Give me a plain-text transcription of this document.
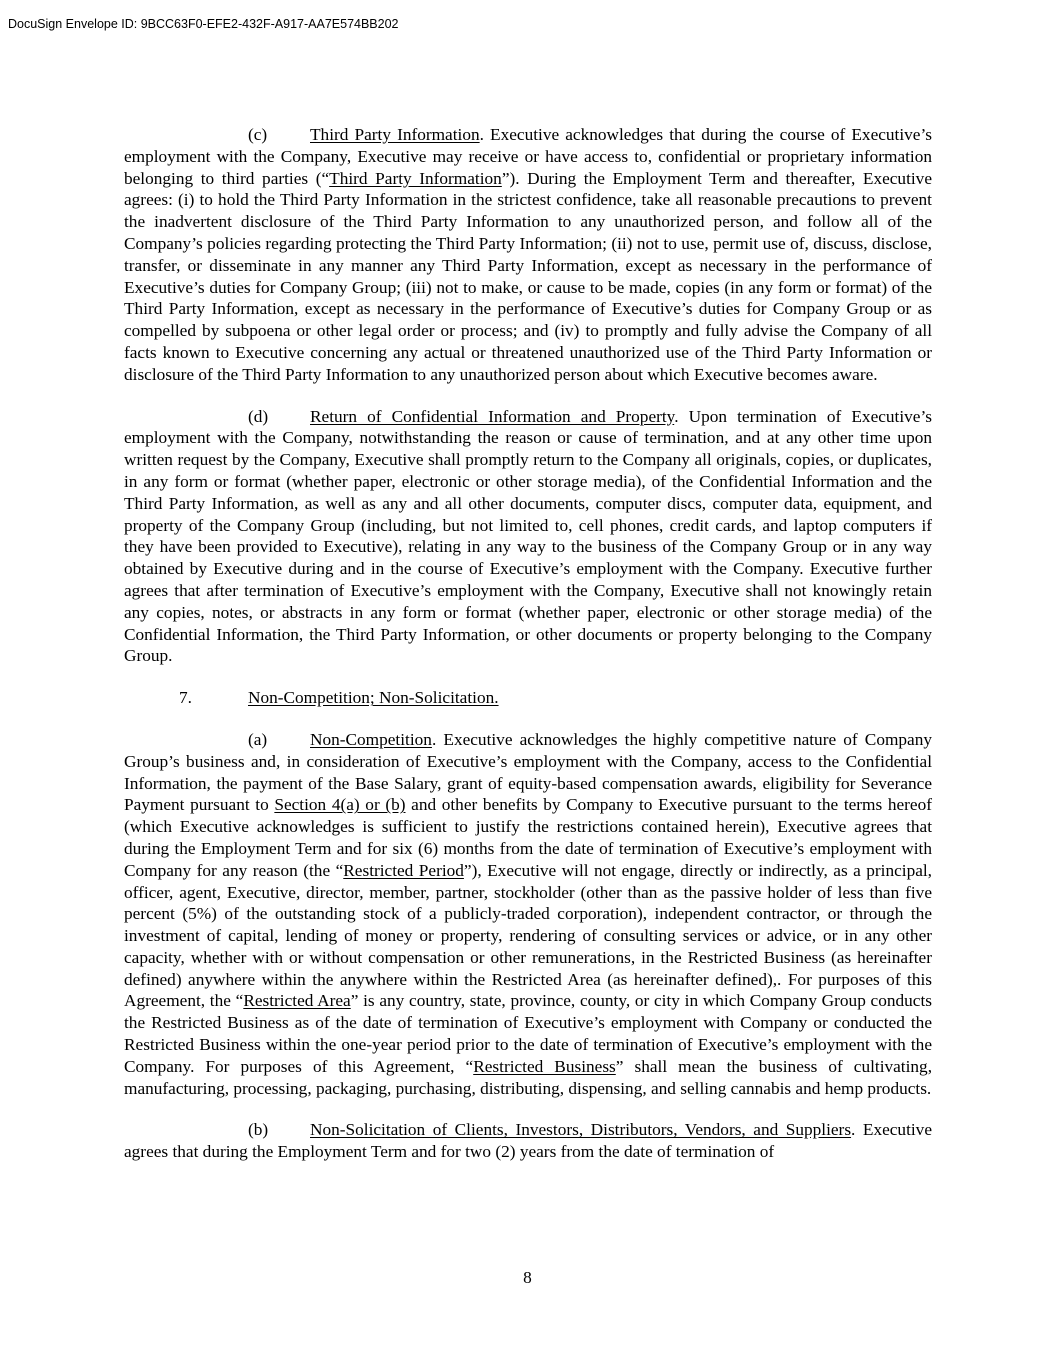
DocuSign Envelope ID: 9BCC63F0-EFE2-432F-A917-AA7E574BB202

(c) Third Party Information. Executive acknowledges that during the course of Executive’s employment with the Company, Executive may receive or have access to, confidential or proprietary information belonging to third parties (“Third Party Information”). During the Employment Term and thereafter, Executive agrees: (i) to hold the Third Party Information in the strictest confidence, take all reasonable precautions to prevent the inadvertent disclosure of the Third Party Information to any unauthorized person, and follow all of the Company’s policies regarding protecting the Third Party Information; (ii) not to use, permit use of, discuss, disclose, transfer, or disseminate in any manner any Third Party Information, except as necessary in the performance of Executive’s duties for Company Group; (iii) not to make, or cause to be made, copies (in any form or format) of the Third Party Information, except as necessary in the performance of Executive’s duties for Company Group or as compelled by subpoena or other legal order or process; and (iv) to promptly and fully advise the Company of all facts known to Executive concerning any actual or threatened unauthorized use of the Third Party Information or disclosure of the Third Party Information to any unauthorized person about which Executive becomes aware.

(d) Return of Confidential Information and Property. Upon termination of Executive’s employment with the Company, notwithstanding the reason or cause of termination, and at any other time upon written request by the Company, Executive shall promptly return to the Company all originals, copies, or duplicates, in any form or format (whether paper, electronic or other storage media), of the Confidential Information and the Third Party Information, as well as any and all other documents, computer discs, computer data, equipment, and property of the Company Group (including, but not limited to, cell phones, credit cards, and laptop computers if they have been provided to Executive), relating in any way to the business of the Company Group or in any way obtained by Executive during and in the course of Executive’s employment with the Company. Executive further agrees that after termination of Executive’s employment with the Company, Executive shall not knowingly retain any copies, notes, or abstracts in any form or format (whether paper, electronic or other storage media) of the Confidential Information, the Third Party Information, or other documents or property belonging to the Company Group.

7.	Non-Competition; Non-Solicitation.

(a) Non-Competition. Executive acknowledges the highly competitive nature of Company Group’s business and, in consideration of Executive’s employment with the Company, access to the Confidential Information, the payment of the Base Salary, grant of equity-based compensation awards, eligibility for Severance Payment pursuant to Section 4(a) or (b) and other benefits by Company to Executive pursuant to the terms hereof (which Executive acknowledges is sufficient to justify the restrictions contained herein), Executive agrees that during the Employment Term and for six (6) months from the date of termination of Executive’s employment with Company for any reason (the “Restricted Period”), Executive will not engage, directly or indirectly, as a principal, officer, agent, Executive, director, member, partner, stockholder (other than as the passive holder of less than five percent (5%) of the outstanding stock of a publicly-traded corporation), independent contractor, or through the investment of capital, lending of money or property, rendering of consulting services or advice, or in any other capacity, whether with or without compensation or other remunerations, in the Restricted Business (as hereinafter defined) anywhere within the anywhere within the Restricted Area (as hereinafter defined),. For purposes of this Agreement, the “Restricted Area” is any country, state, province, county, or city in which Company Group conducts the Restricted Business as of the date of termination of Executive’s employment with Company or conducted the Restricted Business within the one-year period prior to the date of termination of Executive’s employment with the Company. For purposes of this Agreement, “Restricted Business” shall mean the business of cultivating, manufacturing, processing, packaging, purchasing, distributing, dispensing, and selling cannabis and hemp products.

(b) Non-Solicitation of Clients, Investors, Distributors, Vendors, and Suppliers. Executive agrees that during the Employment Term and for two (2) years from the date of termination of

8
